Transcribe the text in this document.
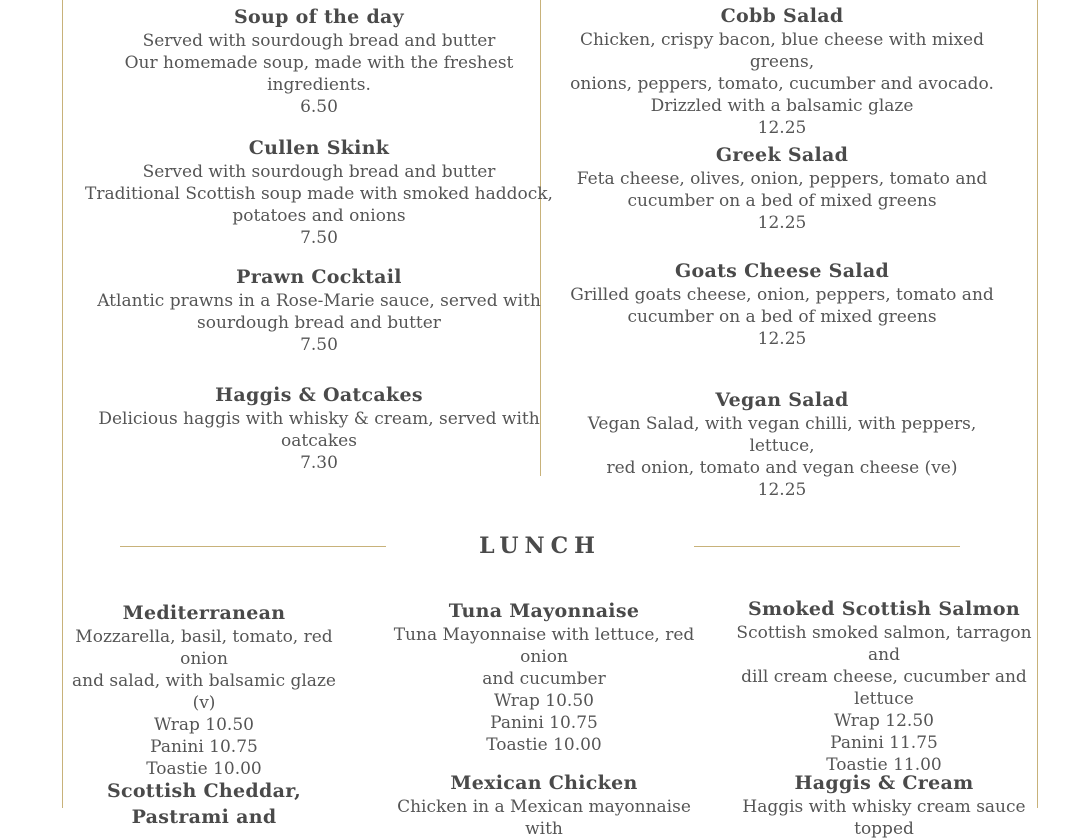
Soup of the day
Served with sourdough bread and butter
Our homemade soup, made with the freshest
ingredients.
6.50
Cullen Skink
Served with sourdough bread and butter
Traditional Scottish soup made with smoked haddock,
potatoes and onions
7.50
Prawn Cocktail
Atlantic prawns in a Rose-Marie sauce, served with
sourdough bread and butter
7.50
Haggis & Oatcakes
Delicious haggis with whisky & cream, served with
oatcakes
7.30
Cobb Salad
Chicken, crispy bacon, blue cheese with mixed greens,
onions, peppers, tomato, cucumber and avocado.
Drizzled with a balsamic glaze
12.25
Greek Salad
Feta cheese, olives, onion, peppers, tomato and
cucumber on a bed of mixed greens
12.25
Goats Cheese Salad
Grilled goats cheese, onion, peppers, tomato and
cucumber on a bed of mixed greens
12.25
Vegan Salad
Vegan Salad, with vegan chilli, with peppers, lettuce,
red onion, tomato and vegan cheese (ve)
12.25
LUNCH
Mediterranean
Mozzarella, basil, tomato, red onion
and salad, with balsamic glaze (v)
Wrap 10.50
Panini 10.75
Toastie 10.00
Tuna Mayonnaise
Tuna Mayonnaise with lettuce, red onion
and cucumber
Wrap 10.50
Panini 10.75
Toastie 10.00
Smoked Scottish Salmon
Scottish smoked salmon, tarragon and
dill cream cheese, cucumber and lettuce
Wrap 12.50
Panini 11.75
Toastie 11.00
Scottish Cheddar, Pastrami and
Mexican Chicken
Chicken in a Mexican mayonnaise with
Haggis & Cream
Haggis with whisky cream sauce topped
